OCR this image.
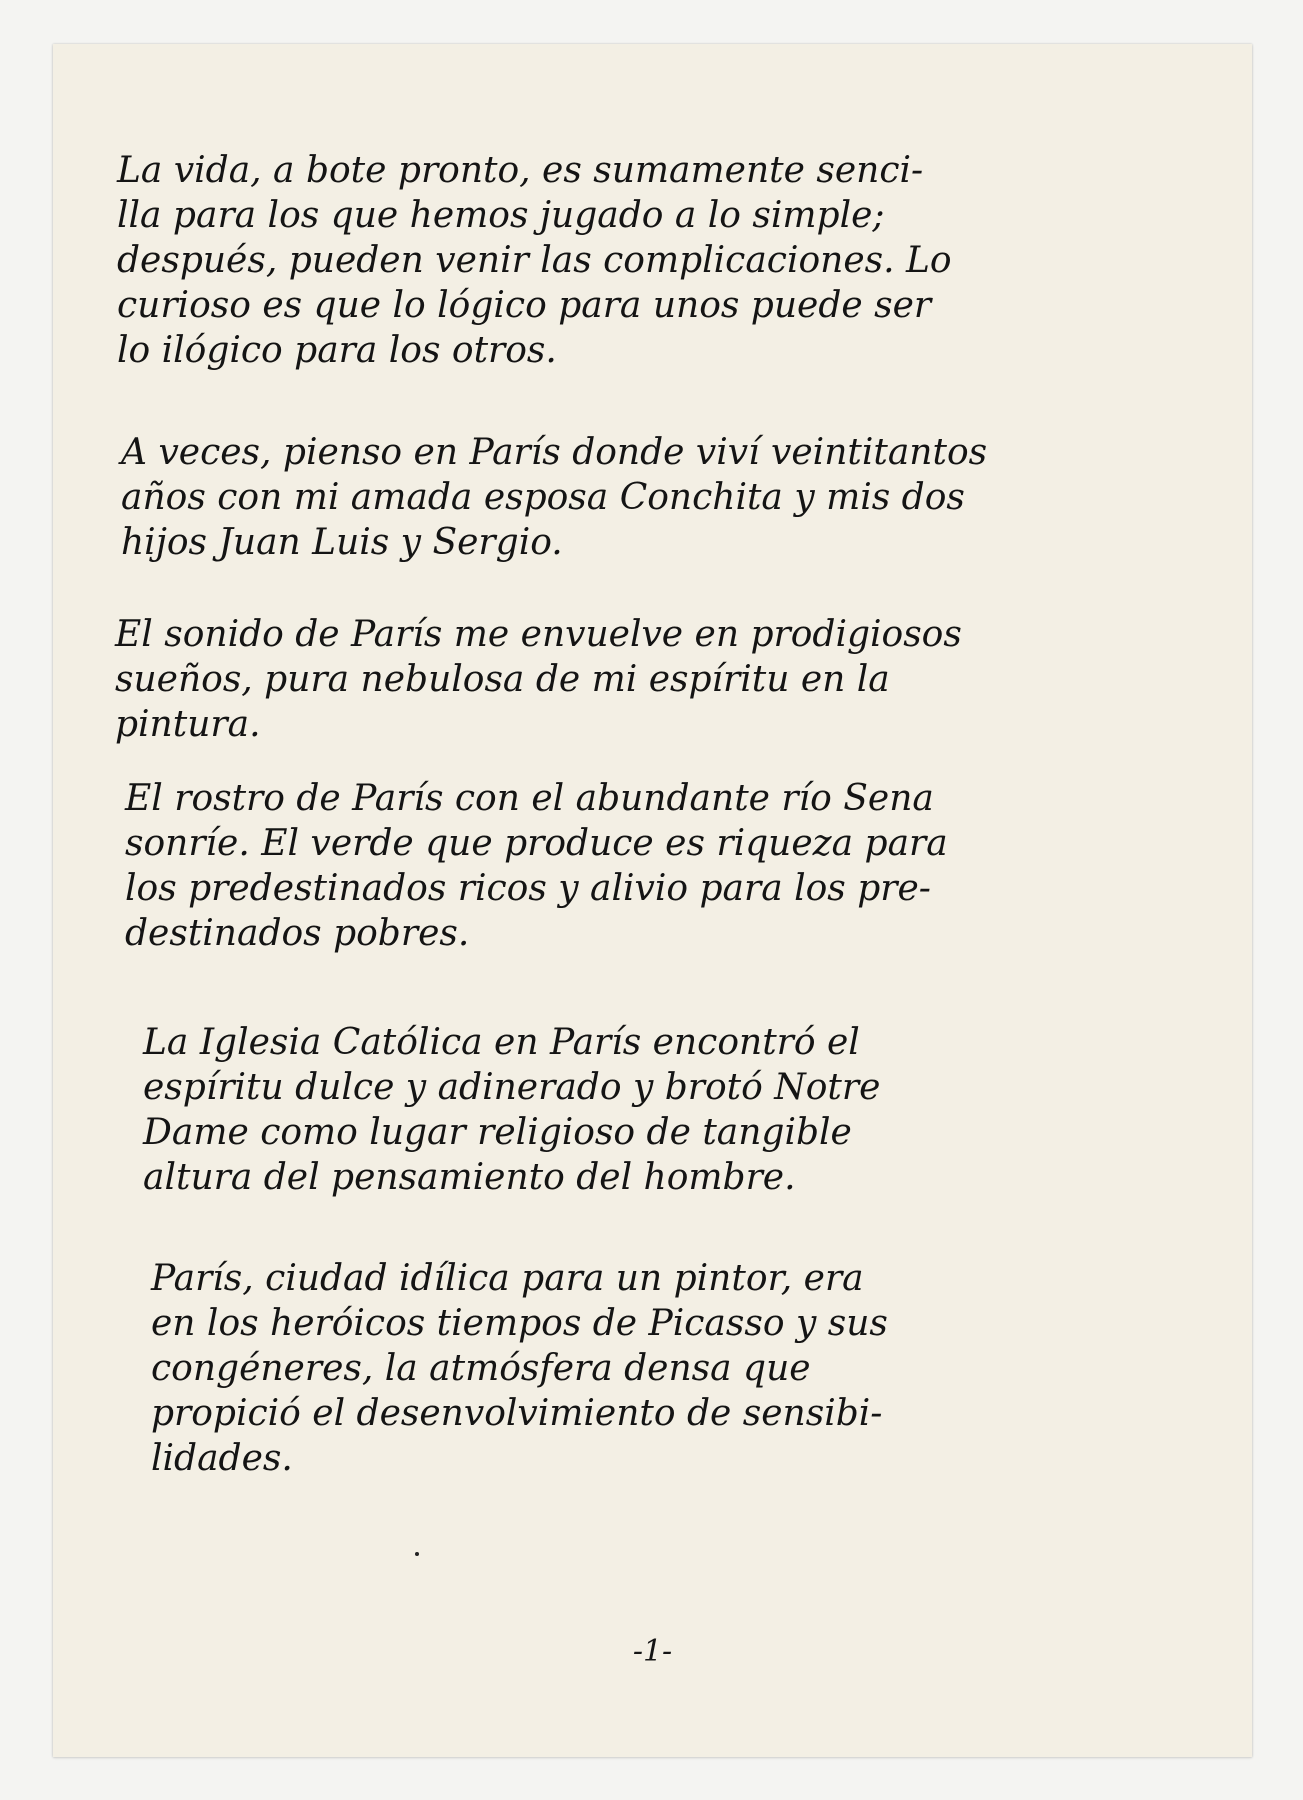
La vida, a bote pronto, es sumamente senci-
lla para los que hemos jugado a lo simple;
después, pueden venir las complicaciones. Lo
curioso es que lo lógico para unos puede ser
lo ilógico para los otros.

A veces, pienso en París donde viví veintitantos
años con mi amada esposa Conchita y mis dos
hijos Juan Luis y Sergio.

El sonido de París me envuelve en prodigiosos
sueños, pura nebulosa de mi espíritu en la
pintura.

El rostro de París con el abundante río Sena
sonríe. El verde que produce es riqueza para
los predestinados ricos y alivio para los pre-
destinados pobres.

La Iglesia Católica en París encontró el
espíritu dulce y adinerado y brotó Notre
Dame como lugar religioso de tangible
altura del pensamiento del hombre.

París, ciudad idílica para un pintor, era
en los heróicos tiempos de Picasso y sus
congéneres, la atmósfera densa que
propició el desenvolvimiento de sensibi-
lidades.

-1-
